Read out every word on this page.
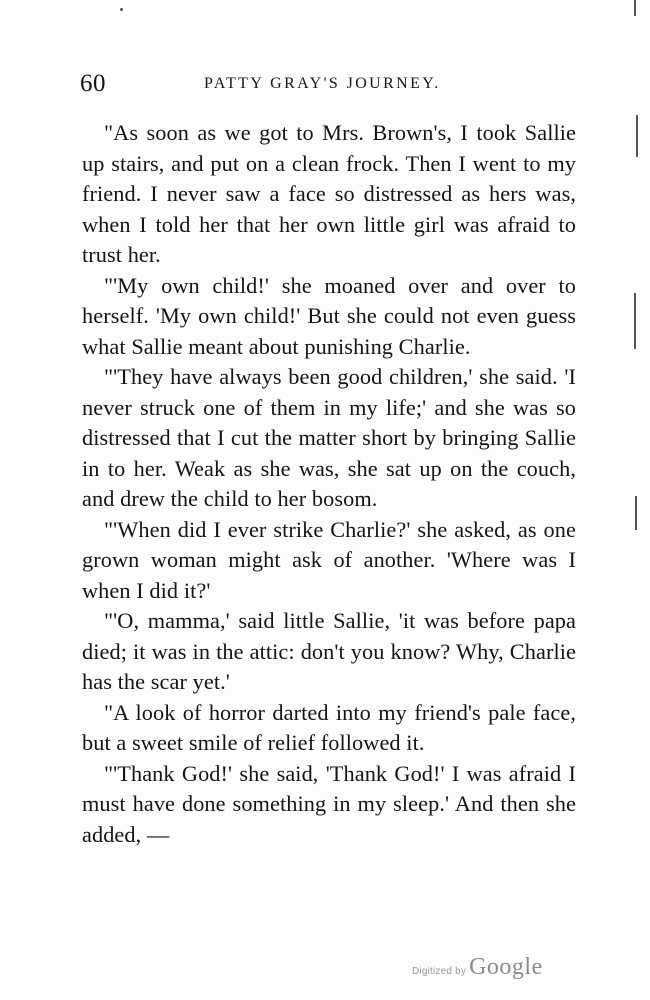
60	PATTY GRAY'S JOURNEY.

"As soon as we got to Mrs. Brown's, I took Sallie up stairs, and put on a clean frock. Then I went to my friend. I never saw a face so distressed as hers was, when I told her that her own little girl was afraid to trust her.

"'My own child!' she moaned over and over to herself. 'My own child!' But she could not even guess what Sallie meant about punishing Charlie.

"'They have always been good children,' she said. 'I never struck one of them in my life;' and she was so distressed that I cut the matter short by bringing Sallie in to her. Weak as she was, she sat up on the couch, and drew the child to her bosom.

"'When did I ever strike Charlie?' she asked, as one grown woman might ask of another. 'Where was I when I did it?'

"'O, mamma,' said little Sallie, 'it was before papa died; it was in the attic: don't you know? Why, Charlie has the scar yet.'

"A look of horror darted into my friend's pale face, but a sweet smile of relief followed it.

"'Thank God!' she said, 'Thank God!' I was afraid I must have done something in my sleep.' And then she added, —

Digitized by Google
